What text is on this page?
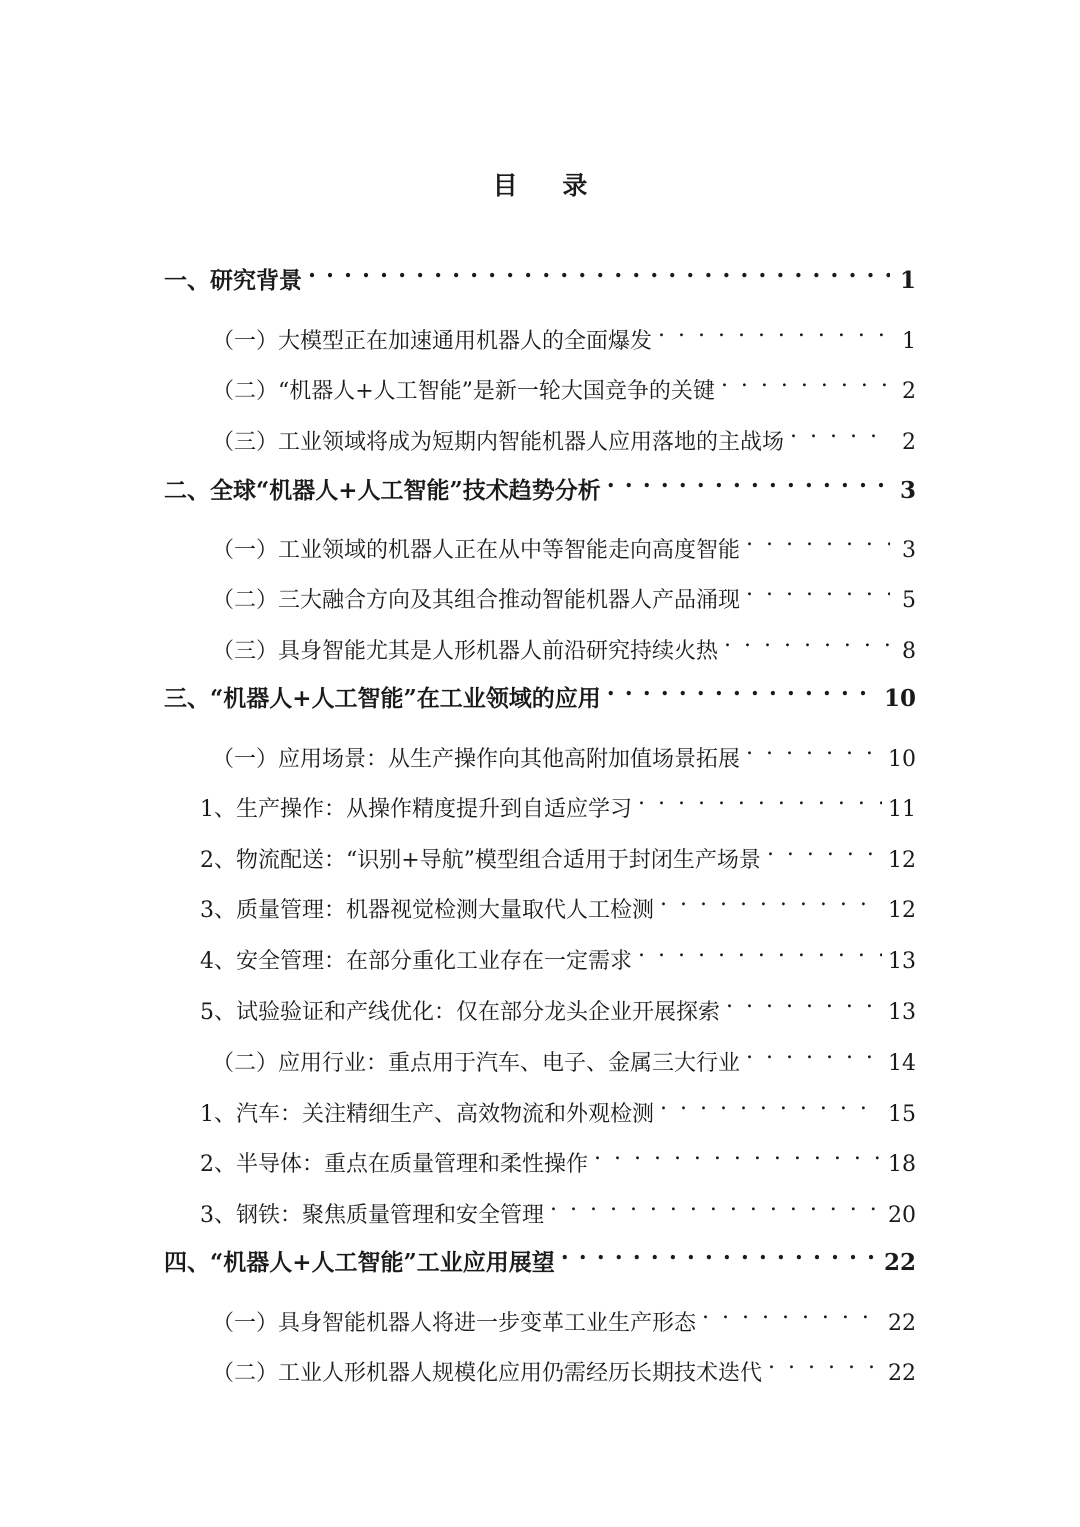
目 录
一、研究背景 . . .	1
（一）大模型正在加速通用机器人的全面爆发 . . .	1
（二）“机器人+人工智能”是新一轮大国竞争的关键 . . .	2
（三）工业领域将成为短期内智能机器人应用落地的主战场 . . .	2
二、全球“机器人+人工智能”技术趋势分析 . . .	3
（一）工业领域的机器人正在从中等智能走向高度智能 . . .	3
（二）三大融合方向及其组合推动智能机器人产品涌现 . . .	5
（三）具身智能尤其是人形机器人前沿研究持续火热 . . .	8
三、“机器人+人工智能”在工业领域的应用 . . .	10
（一）应用场景：从生产操作向其他高附加值场景拓展 . . .	10
1、生产操作：从操作精度提升到自适应学习 . . .	11
2、物流配送：“识别+导航”模型组合适用于封闭生产场景 . . .	12
3、质量管理：机器视觉检测大量取代人工检测 . . .	12
4、安全管理：在部分重化工业存在一定需求 . . .	13
5、试验验证和产线优化：仅在部分龙头企业开展探索 . . .	13
（二）应用行业：重点用于汽车、电子、金属三大行业 . . .	14
1、汽车：关注精细生产、高效物流和外观检测 . . .	15
2、半导体：重点在质量管理和柔性操作 . . .	18
3、钢铁：聚焦质量管理和安全管理 . . .	20
四、“机器人+人工智能”工业应用展望 . . .	22
（一）具身智能机器人将进一步变革工业生产形态 . . .	22
（二）工业人形机器人规模化应用仍需经历长期技术迭代 . . .	22
